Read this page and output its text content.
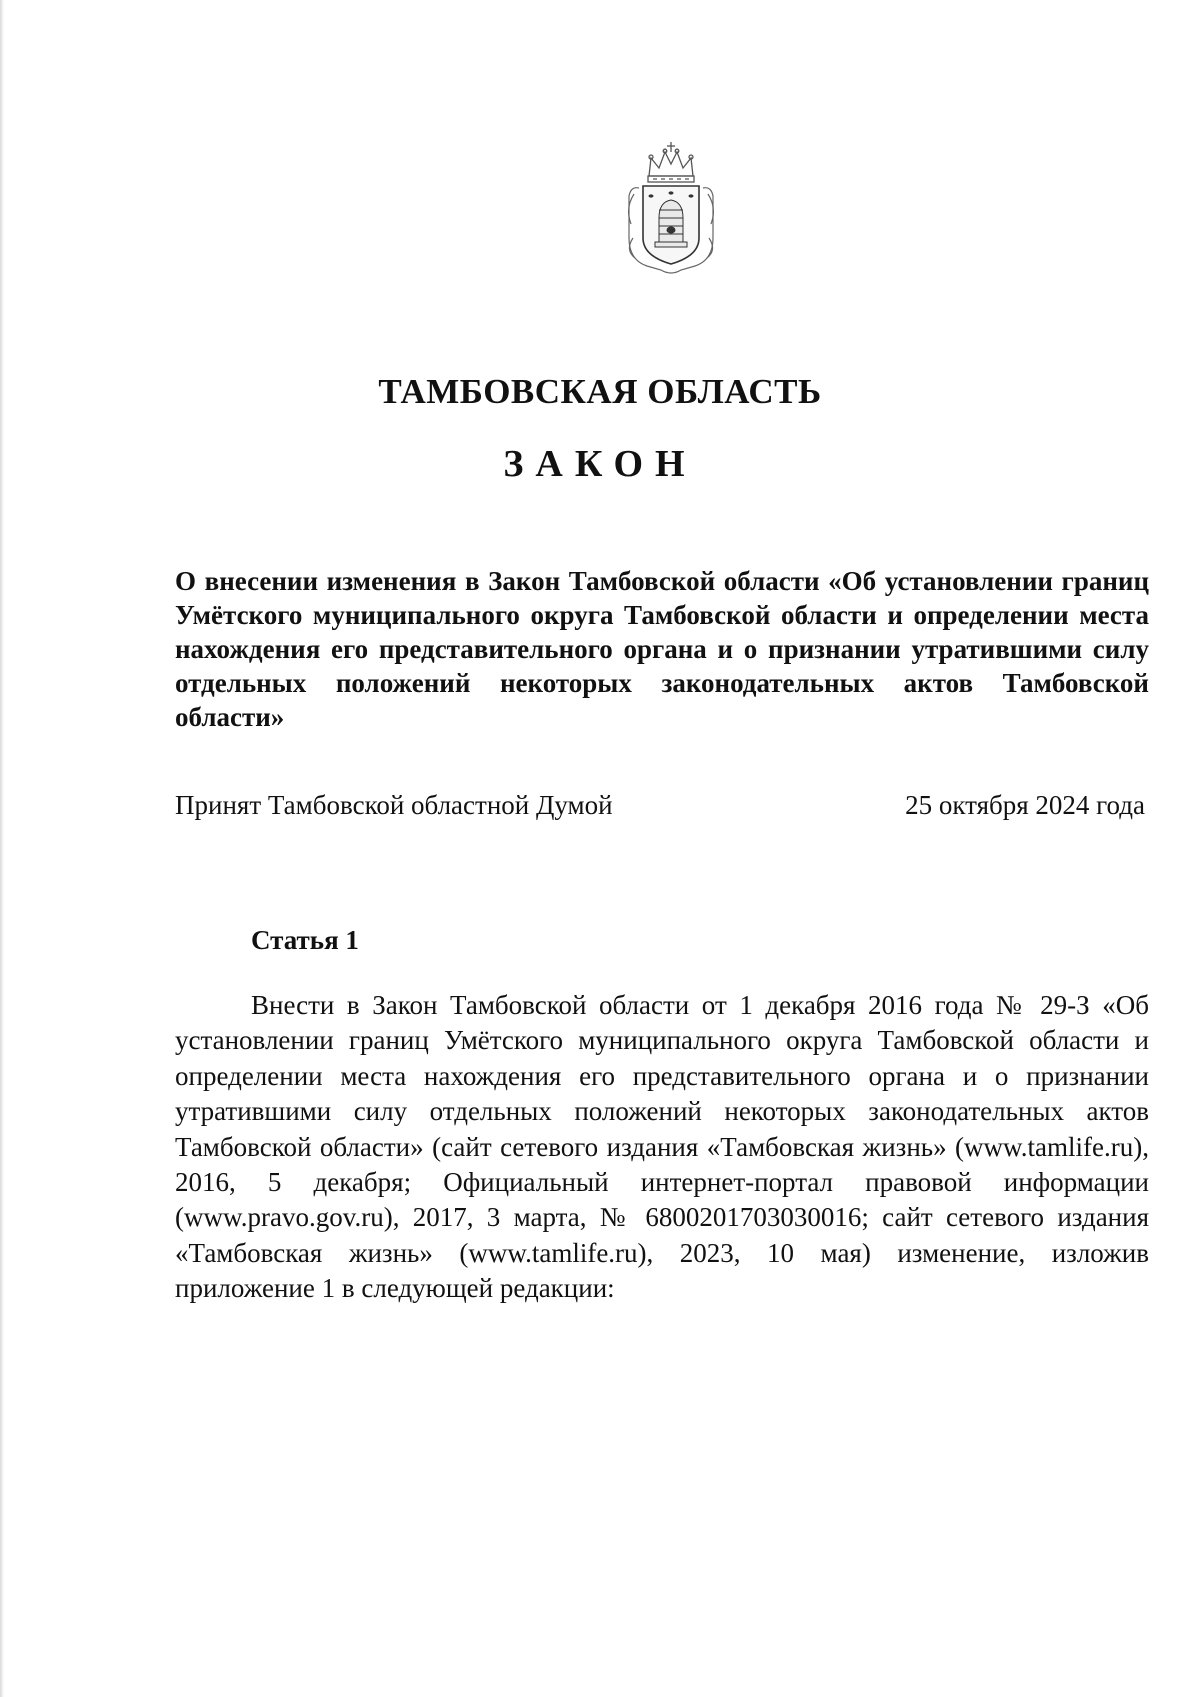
ТАМБОВСКАЯ ОБЛАСТЬ
ЗАКОН
О внесении изменения в Закон Тамбовской области «Об установлении границ Умётского муниципального округа Тамбовской области и определении места нахождения его представительного органа и о признании утратившими силу отдельных положений некоторых законодательных актов Тамбовской области»
Принят Тамбовской областной Думой	25 октября 2024 года
Статья 1

Внести в Закон Тамбовской области от 1 декабря 2016 года № 29-З «Об установлении границ Умётского муниципального округа Тамбовской области и определении места нахождения его представительного органа и о признании утратившими силу отдельных положений некоторых законодательных актов Тамбовской области» (сайт сетевого издания «Тамбовская жизнь» (www.tamlife.ru), 2016, 5 декабря; Официальный интернет-портал правовой информации (www.pravo.gov.ru), 2017, 3 марта, № 6800201703030016; сайт сетевого издания «Тамбовская жизнь» (www.tamlife.ru), 2023, 10 мая) изменение, изложив приложение 1 в следующей редакции:
